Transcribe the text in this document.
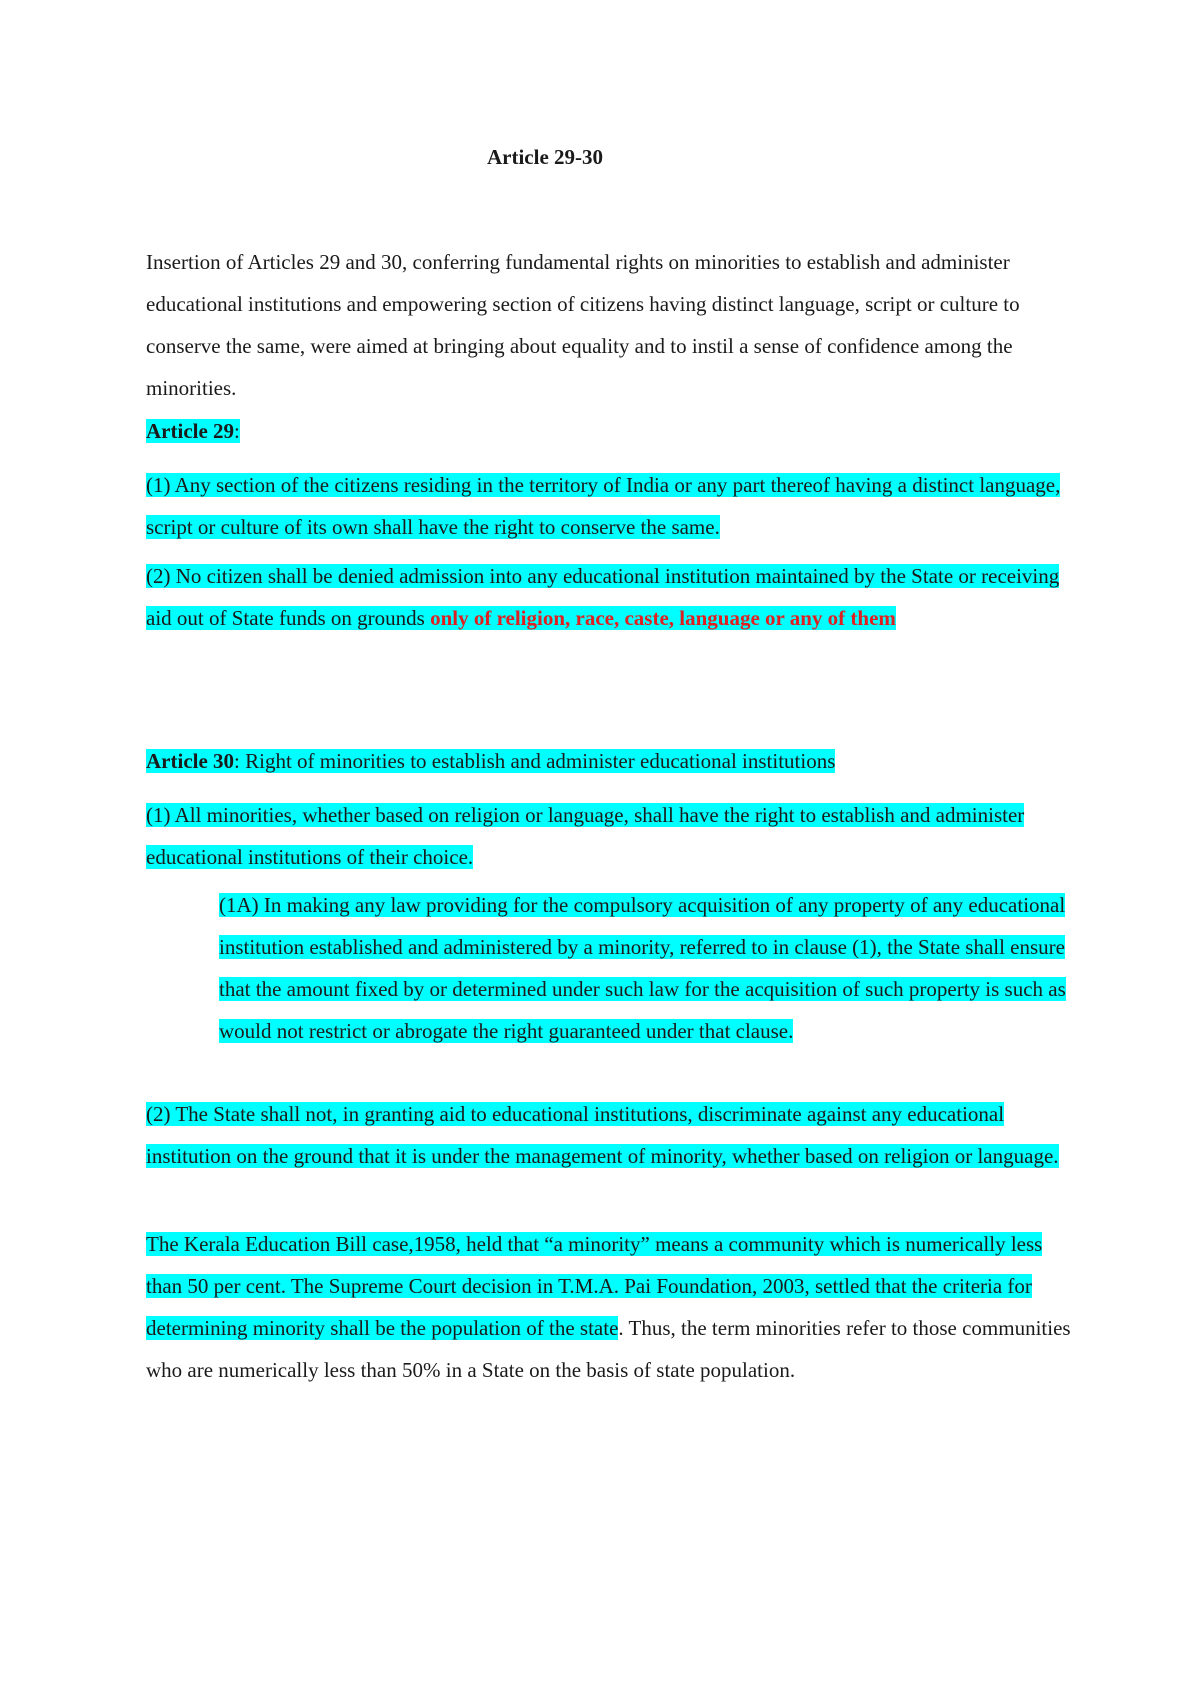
Article 29-30

Insertion of Articles 29 and 30, conferring fundamental rights on minorities to establish and administer educational institutions and empowering section of citizens having distinct language, script or culture to conserve the same, were aimed at bringing about equality and to instil a sense of confidence among the minorities.

Article 29:

(1) Any section of the citizens residing in the territory of India or any part thereof having a distinct language, script or culture of its own shall have the right to conserve the same.

(2) No citizen shall be denied admission into any educational institution maintained by the State or receiving aid out of State funds on grounds only of religion, race, caste, language or any of them

Article 30: Right of minorities to establish and administer educational institutions

(1) All minorities, whether based on religion or language, shall have the right to establish and administer educational institutions of their choice.

(1A) In making any law providing for the compulsory acquisition of any property of any educational institution established and administered by a minority, referred to in clause (1), the State shall ensure that the amount fixed by or determined under such law for the acquisition of such property is such as would not restrict or abrogate the right guaranteed under that clause.

(2) The State shall not, in granting aid to educational institutions, discriminate against any educational institution on the ground that it is under the management of minority, whether based on religion or language.

The Kerala Education Bill case,1958, held that “a minority” means a community which is numerically less than 50 per cent. The Supreme Court decision in T.M.A. Pai Foundation, 2003, settled that the criteria for determining minority shall be the population of the state. Thus, the term minorities refer to those communities who are numerically less than 50% in a State on the basis of state population.
